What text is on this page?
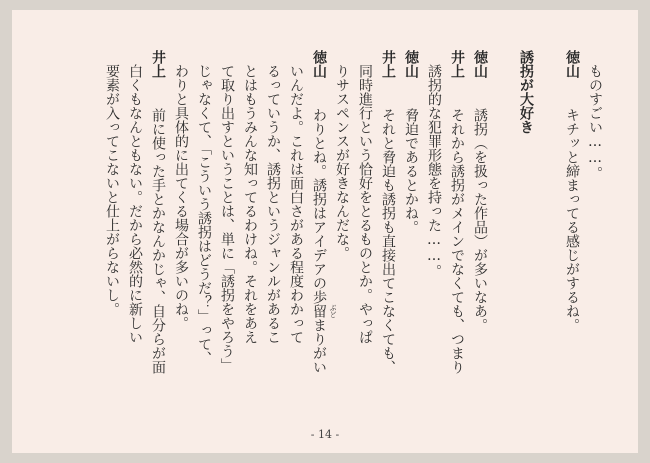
ものすごい……。
徳山 キチッと締まってる感じがするね。
誘拐が大好き
徳山 誘拐（を扱った作品）が多いなあ。
井上 それから誘拐がメインでなくても、つまり
誘拐的な犯罪形態を持った……。
徳山 脅迫であるとかね。
井上 それと脅迫も誘拐も直接出てこなくても、
同時進行という恰好をとるものとか。やっぱ
りサスペンスが好きなんだな。
徳山 わりとね。誘拐はアイデアの歩
ぶど
留まりがい
いんだよ。これは面白さがある程度わかって
るっていうか、誘拐というジャンルがあるこ
とはもうみんな知ってるわけね。それをあえ
て取り出すということは、単に「誘拐をやろう」
じゃなくて、「こういう誘拐はどうだ？」って、
わりと具体的に出てくる場合が多いのね。
井上 前に使った手とかなんかじゃ、自分らが面
白くもなんともない。だから必然的に新しい
要素が入ってこないと仕上がらないし。
- 14 -
